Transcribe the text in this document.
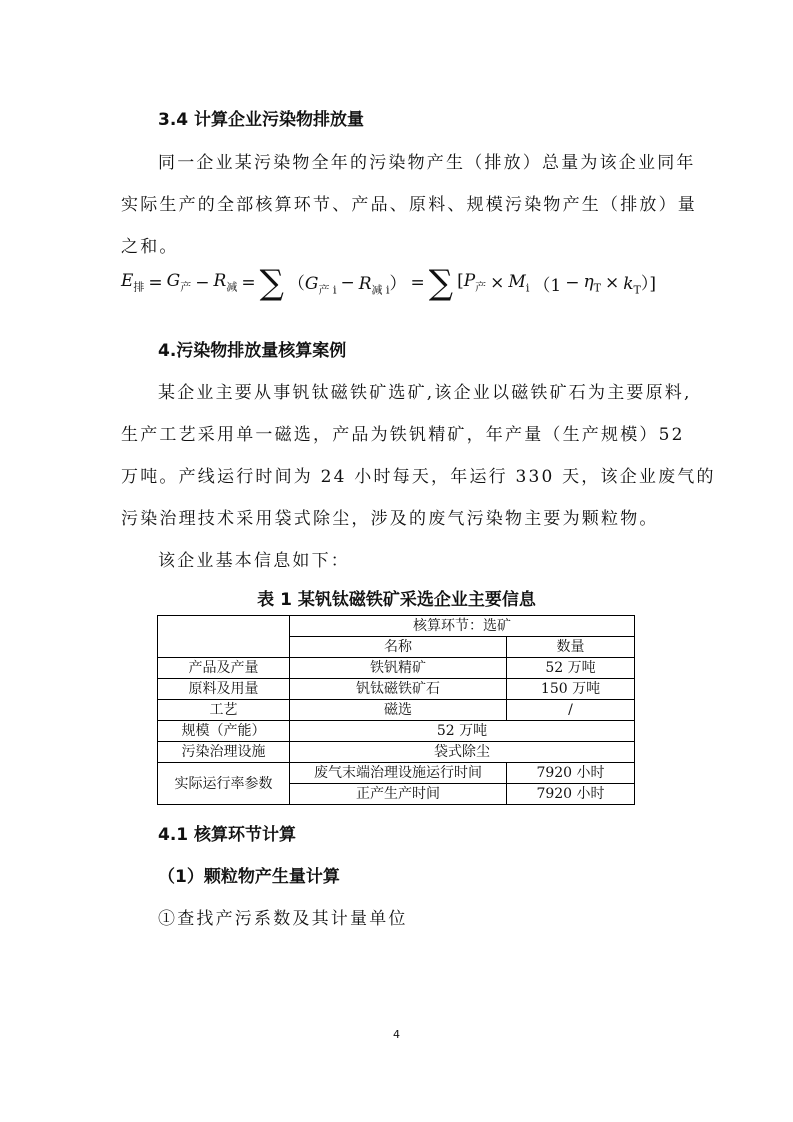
3.4 计算企业污染物排放量
同一企业某污染物全年的污染物产生（排放）总量为该企业同年
实际生产的全部核算环节、产品、原料、规模污染物产生（排放）量
之和。
$E_排 = G_产 - R_减$ = ∑ $(G_{产 i} - R_{减 i})$ = ∑ [$P_产 \times M_i$ $(1 - \eta_T \times k_T)$]
4.污染物排放量核算案例
某企业主要从事钒钛磁铁矿选矿,该企业以磁铁矿石为主要原料,
生产工艺采用单一磁选，产品为铁钒精矿，年产量（生产规模）52
万吨。产线运行时间为 24 小时每天，年运行 330 天，该企业废气的
污染治理技术采用袋式除尘，涉及的废气污染物主要为颗粒物。
该企业基本信息如下：
表 1 某钒钛磁铁矿采选企业主要信息
	核算环节：选矿	
	名称	数量
产品及产量	铁钒精矿	52 万吨
原料及用量	钒钛磁铁矿石	150 万吨
工艺	磁选	/
规模（产能）	52 万吨	
污染治理设施	袋式除尘	
实际运行率参数	废气末端治理设施运行时间	7920 小时
	正产生产时间	7920 小时
4.1 核算环节计算
（1）颗粒物产生量计算
①查找产污系数及其计量单位
4
